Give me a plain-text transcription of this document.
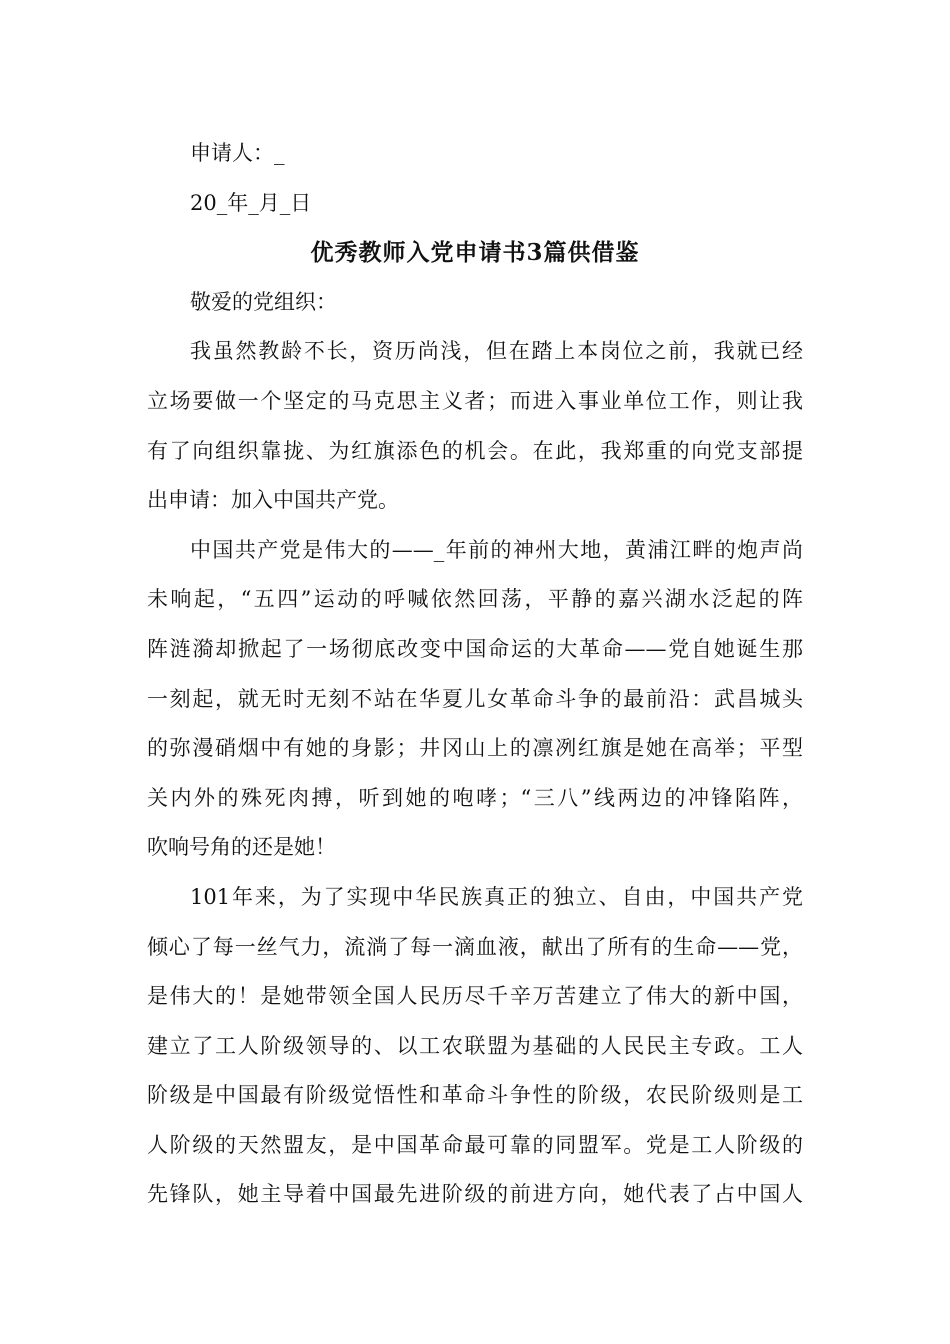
申请人：_

20_年_月_日

优秀教师入党申请书3篇供借鉴

敬爱的党组织：

我虽然教龄不长，资历尚浅，但在踏上本岗位之前，我就已经

立场要做一个坚定的马克思主义者；而进入事业单位工作，则让我

有了向组织靠拢、为红旗添色的机会。在此，我郑重的向党支部提

出申请：加入中国共产党。

中国共产党是伟大的——_年前的神州大地，黄浦江畔的炮声尚

未响起，“五四”运动的呼喊依然回荡，平静的嘉兴湖水泛起的阵

阵涟漪却掀起了一场彻底改变中国命运的大革命——党自她诞生那

一刻起，就无时无刻不站在华夏儿女革命斗争的最前沿：武昌城头

的弥漫硝烟中有她的身影；井冈山上的凛冽红旗是她在高举；平型

关内外的殊死肉搏，听到她的咆哮；“三八”线两边的冲锋陷阵，

吹响号角的还是她！

101年来，为了实现中华民族真正的独立、自由，中国共产党

倾心了每一丝气力，流淌了每一滴血液，献出了所有的生命——党，

是伟大的！是她带领全国人民历尽千辛万苦建立了伟大的新中国，

建立了工人阶级领导的、以工农联盟为基础的人民民主专政。工人

阶级是中国最有阶级觉悟性和革命斗争性的阶级，农民阶级则是工

人阶级的天然盟友，是中国革命最可靠的同盟军。党是工人阶级的

先锋队，她主导着中国最先进阶级的前进方向，她代表了占中国人
